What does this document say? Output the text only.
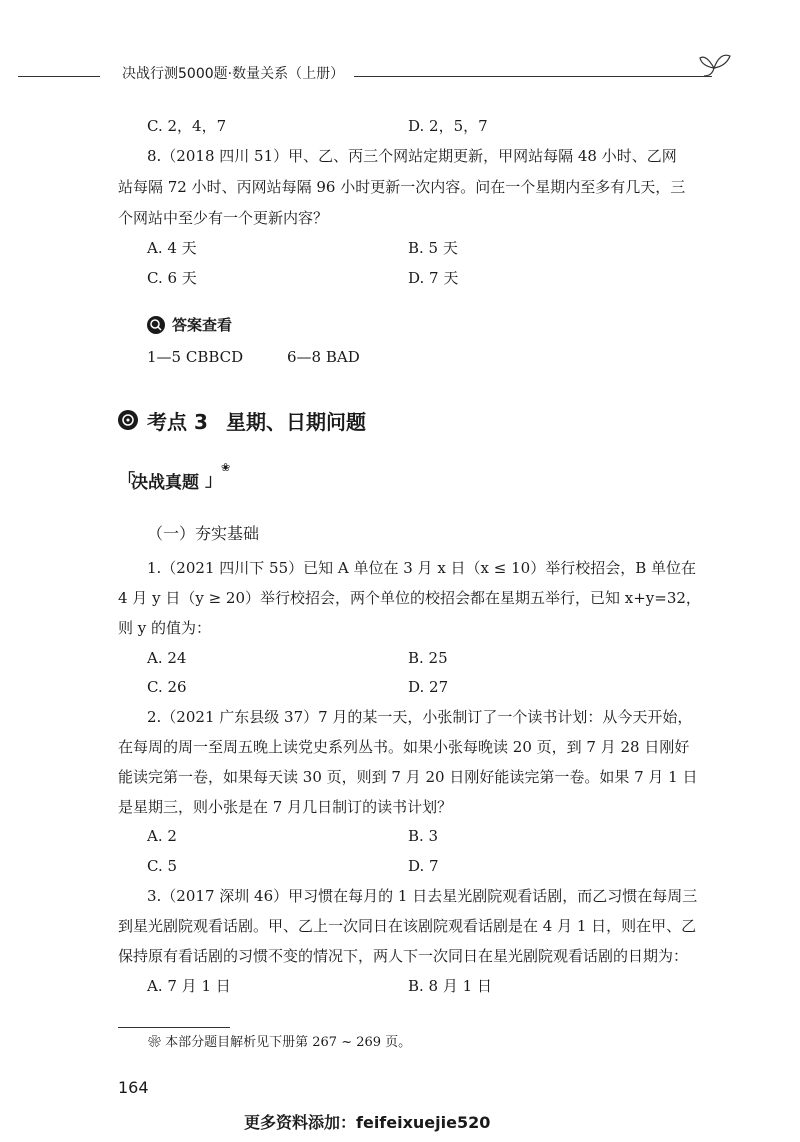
决战行测5000题·数量关系（上册）
C. 2，4，7	D. 2，5，7
8.（2018 四川 51）甲、乙、丙三个网站定期更新，甲网站每隔 48 小时、乙网
站每隔 72 小时、丙网站每隔 96 小时更新一次内容。问在一个星期内至多有几天，三
个网站中至少有一个更新内容？
A. 4 天	B. 5 天
C. 6 天	D. 7 天
答案查看
1—5 CBBCD	6—8 BAD
考点 3 星期、日期问题
「
决战真题 」
❀
（一）夯实基础
1.（2021 四川下 55）已知 A 单位在 3 月 x 日（x ≤ 10）举行校招会，B 单位在
4 月 y 日（y ≥ 20）举行校招会，两个单位的校招会都在星期五举行，已知 x+y=32，
则 y 的值为：
A. 24	B. 25
C. 26	D. 27
2.（2021 广东县级 37）7 月的某一天，小张制订了一个读书计划：从今天开始，
在每周的周一至周五晚上读党史系列丛书。如果小张每晚读 20 页，到 7 月 28 日刚好
能读完第一卷，如果每天读 30 页，则到 7 月 20 日刚好能读完第一卷。如果 7 月 1 日
是星期三，则小张是在 7 月几日制订的读书计划？
A. 2	B. 3
C. 5	D. 7
3.（2017 深圳 46）甲习惯在每月的 1 日去星光剧院观看话剧，而乙习惯在每周三
到星光剧院观看话剧。甲、乙上一次同日在该剧院观看话剧是在 4 月 1 日，则在甲、乙
保持原有看话剧的习惯不变的情况下，两人下一次同日在星光剧院观看话剧的日期为：
A. 7 月 1 日	B. 8 月 1 日
❀ 本部分题目解析见下册第 267 ~ 269 页。
164
更多资料添加：feifeixuejie520
